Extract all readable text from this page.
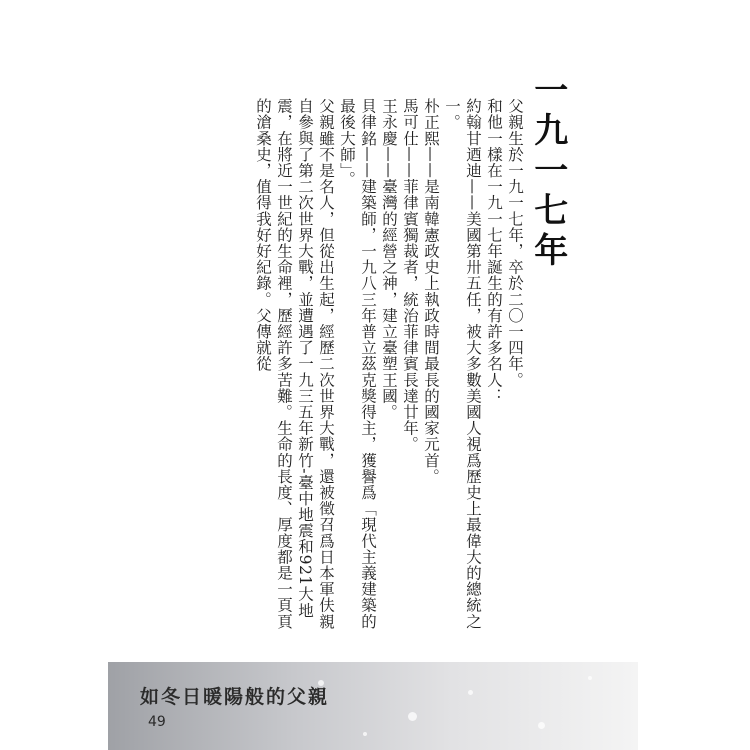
一九一七年

父親生於一九一七年，卒於二〇一四年。

和他一樣在一九一七年誕生的有許多名人：

約翰甘迺迪——美國第卅五任，被大多數美國人視爲歷史上最偉大的總統之一。

朴正熙——是南韓憲政史上執政時間最長的國家元首。

馬可仕——菲律賓獨裁者，統治菲律賓長達廿年。

王永慶——臺灣的經營之神，建立臺塑王國。

貝律銘——建築師，一九八三年普立茲克獎得主，獲譽爲「現代主義建築的最後大師」。

父親雖不是名人，但從出生起，經歷二次世界大戰，還被徵召爲日本軍伕親自參與了第二次世界大戰，並遭遇了一九三五年新竹-臺中地震和921大地震，在將近一世紀的生命裡，歷經許多苦難。生命的長度、厚度都是一頁頁的滄桑史，值得我好好紀錄。父傳就從

如冬日暖陽般的父親
49
